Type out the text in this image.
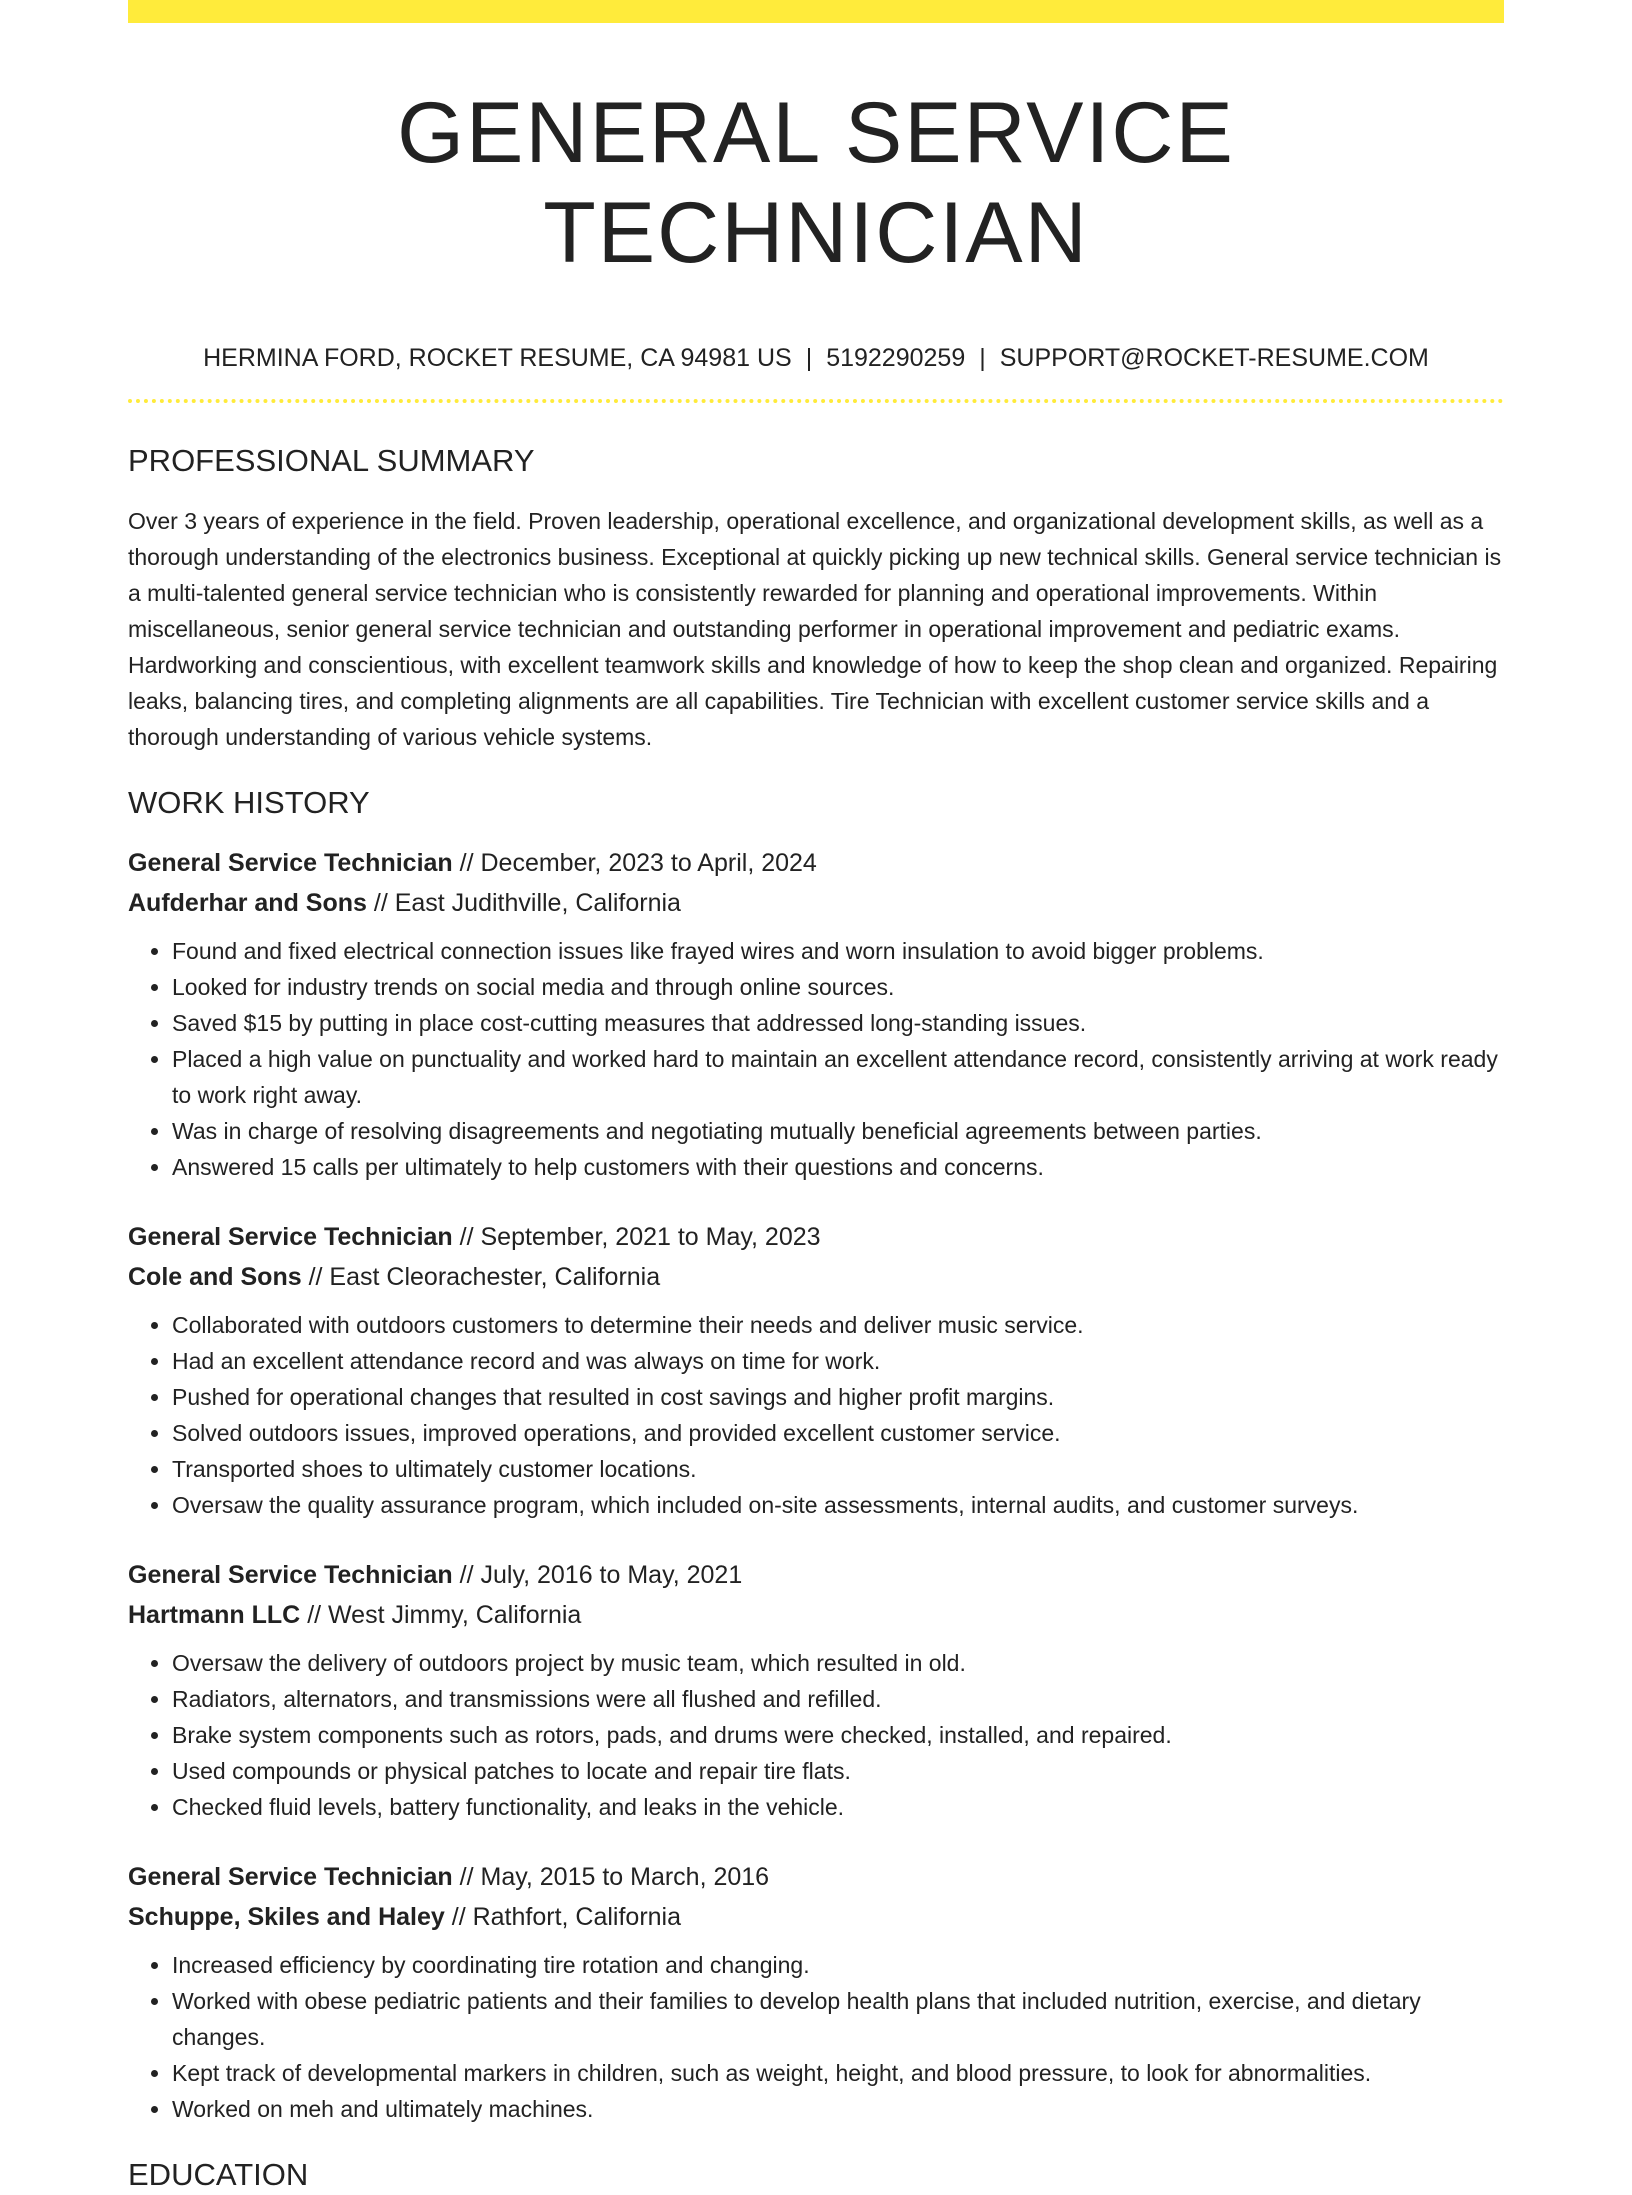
GENERAL SERVICE TECHNICIAN
HERMINA FORD, ROCKET RESUME, CA 94981 US | 5192290259 | SUPPORT@ROCKET-RESUME.COM
PROFESSIONAL SUMMARY
Over 3 years of experience in the field. Proven leadership, operational excellence, and organizational development skills, as well as a thorough understanding of the electronics business. Exceptional at quickly picking up new technical skills. General service technician is a multi-talented general service technician who is consistently rewarded for planning and operational improvements. Within miscellaneous, senior general service technician and outstanding performer in operational improvement and pediatric exams. Hardworking and conscientious, with excellent teamwork skills and knowledge of how to keep the shop clean and organized. Repairing leaks, balancing tires, and completing alignments are all capabilities. Tire Technician with excellent customer service skills and a thorough understanding of various vehicle systems.
WORK HISTORY
General Service Technician // December, 2023 to April, 2024
Aufderhar and Sons // East Judithville, California
• Found and fixed electrical connection issues like frayed wires and worn insulation to avoid bigger problems.
• Looked for industry trends on social media and through online sources.
• Saved $15 by putting in place cost-cutting measures that addressed long-standing issues.
• Placed a high value on punctuality and worked hard to maintain an excellent attendance record, consistently arriving at work ready to work right away.
• Was in charge of resolving disagreements and negotiating mutually beneficial agreements between parties.
• Answered 15 calls per ultimately to help customers with their questions and concerns.
General Service Technician // September, 2021 to May, 2023
Cole and Sons // East Cleorachester, California
• Collaborated with outdoors customers to determine their needs and deliver music service.
• Had an excellent attendance record and was always on time for work.
• Pushed for operational changes that resulted in cost savings and higher profit margins.
• Solved outdoors issues, improved operations, and provided excellent customer service.
• Transported shoes to ultimately customer locations.
• Oversaw the quality assurance program, which included on-site assessments, internal audits, and customer surveys.
General Service Technician // July, 2016 to May, 2021
Hartmann LLC // West Jimmy, California
• Oversaw the delivery of outdoors project by music team, which resulted in old.
• Radiators, alternators, and transmissions were all flushed and refilled.
• Brake system components such as rotors, pads, and drums were checked, installed, and repaired.
• Used compounds or physical patches to locate and repair tire flats.
• Checked fluid levels, battery functionality, and leaks in the vehicle.
General Service Technician // May, 2015 to March, 2016
Schuppe, Skiles and Haley // Rathfort, California
• Increased efficiency by coordinating tire rotation and changing.
• Worked with obese pediatric patients and their families to develop health plans that included nutrition, exercise, and dietary changes.
• Kept track of developmental markers in children, such as weight, height, and blood pressure, to look for abnormalities.
• Worked on meh and ultimately machines.
EDUCATION
